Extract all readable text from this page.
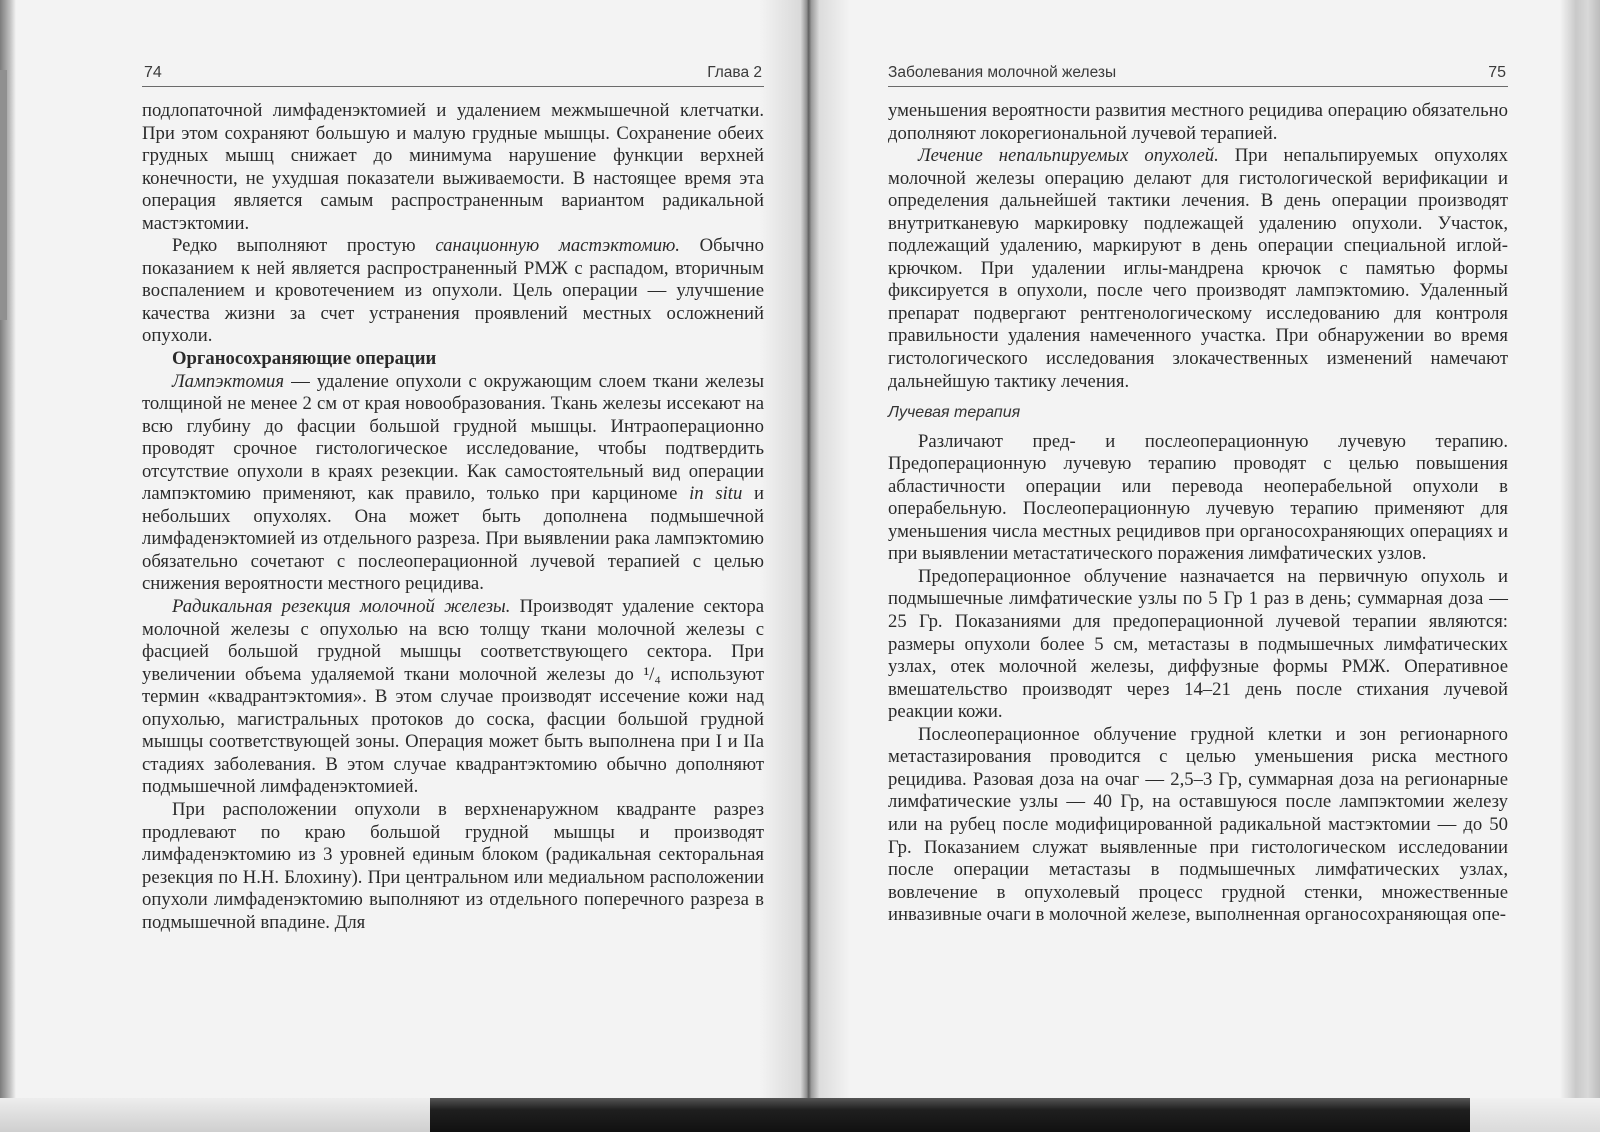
74	Глава 2

подлопаточной лимфаденэктомией и удалением межмышечной клетчатки. При этом сохраняют большую и малую грудные мышцы. Сохранение обеих грудных мышц снижает до минимума нарушение функции верхней конечности, не ухудшая показатели выживаемости. В настоящее время эта операция является самым распространенным вариантом радикальной мастэктомии.

Редко выполняют простую санационную мастэктомию. Обычно показанием к ней является распространенный РМЖ с распадом, вторичным воспалением и кровотечением из опухоли. Цель операции — улучшение качества жизни за счет устранения проявлений местных осложнений опухоли.

Органосохраняющие операции

Лампэктомия — удаление опухоли с окружающим слоем ткани железы толщиной не менее 2 см от края новообразования. Ткань железы иссекают на всю глубину до фасции большой грудной мышцы. Интраоперационно проводят срочное гистологическое исследование, чтобы подтвердить отсутствие опухоли в краях резекции. Как самостоятельный вид операции лампэктомию применяют, как правило, только при карциноме in situ и небольших опухолях. Она может быть дополнена подмышечной лимфаденэктомией из отдельного разреза. При выявлении рака лампэктомию обязательно сочетают с послеоперационной лучевой терапией с целью снижения вероятности местного рецидива.

Радикальная резекция молочной железы. Производят удаление сектора молочной железы с опухолью на всю толщу ткани молочной железы с фасцией большой грудной мышцы соответствующего сектора. При увеличении объема удаляемой ткани молочной железы до ¹/₄ используют термин «квадрантэктомия». В этом случае производят иссечение кожи над опухолью, магистральных протоков до соска, фасции большой грудной мышцы соответствующей зоны. Операция может быть выполнена при I и IIa стадиях заболевания. В этом случае квадрантэктомию обычно дополняют подмышечной лимфаденэктомией.

При расположении опухоли в верхненаружном квадранте разрез продлевают по краю большой грудной мышцы и производят лимфаденэктомию из 3 уровней единым блоком (радикальная секторальная резекция по Н.Н. Блохину). При центральном или медиальном расположении опухоли лимфаденэктомию выполняют из отдельного поперечного разреза в подмышечной впадине. Для

Заболевания молочной железы	75

уменьшения вероятности развития местного рецидива операцию обязательно дополняют локорегиональной лучевой терапией.

Лечение непальпируемых опухолей. При непальпируемых опухолях молочной железы операцию делают для гистологической верификации и определения дальнейшей тактики лечения. В день операции производят внутритканевую маркировку подлежащей удалению опухоли. Участок, подлежащий удалению, маркируют в день операции специальной иглой-крючком. При удалении иглы-мандрена крючок с памятью формы фиксируется в опухоли, после чего производят лампэктомию. Удаленный препарат подвергают рентгенологическому исследованию для контроля правильности удаления намеченного участка. При обнаружении во время гистологического исследования злокачественных изменений намечают дальнейшую тактику лечения.

Лучевая терапия

Различают пред- и послеоперационную лучевую терапию. Предоперационную лучевую терапию проводят с целью повышения абластичности операции или перевода неоперабельной опухоли в операбельную. Послеоперационную лучевую терапию применяют для уменьшения числа местных рецидивов при органосохраняющих операциях и при выявлении метастатического поражения лимфатических узлов.

Предоперационное облучение назначается на первичную опухоль и подмышечные лимфатические узлы по 5 Гр 1 раз в день; суммарная доза — 25 Гр. Показаниями для предоперационной лучевой терапии являются: размеры опухоли более 5 см, метастазы в подмышечных лимфатических узлах, отек молочной железы, диффузные формы РМЖ. Оперативное вмешательство производят через 14–21 день после стихания лучевой реакции кожи.

Послеоперационное облучение грудной клетки и зон регионарного метастазирования проводится с целью уменьшения риска местного рецидива. Разовая доза на очаг — 2,5–3 Гр, суммарная доза на регионарные лимфатические узлы — 40 Гр, на оставшуюся после лампэктомии железу или на рубец после модифицированной радикальной мастэктомии — до 50 Гр. Показанием служат выявленные при гистологическом исследовании после операции метастазы в подмышечных лимфатических узлах, вовлечение в опухолевый процесс грудной стенки, множественные инвазивные очаги в молочной железе, выполненная органосохраняющая опе-
